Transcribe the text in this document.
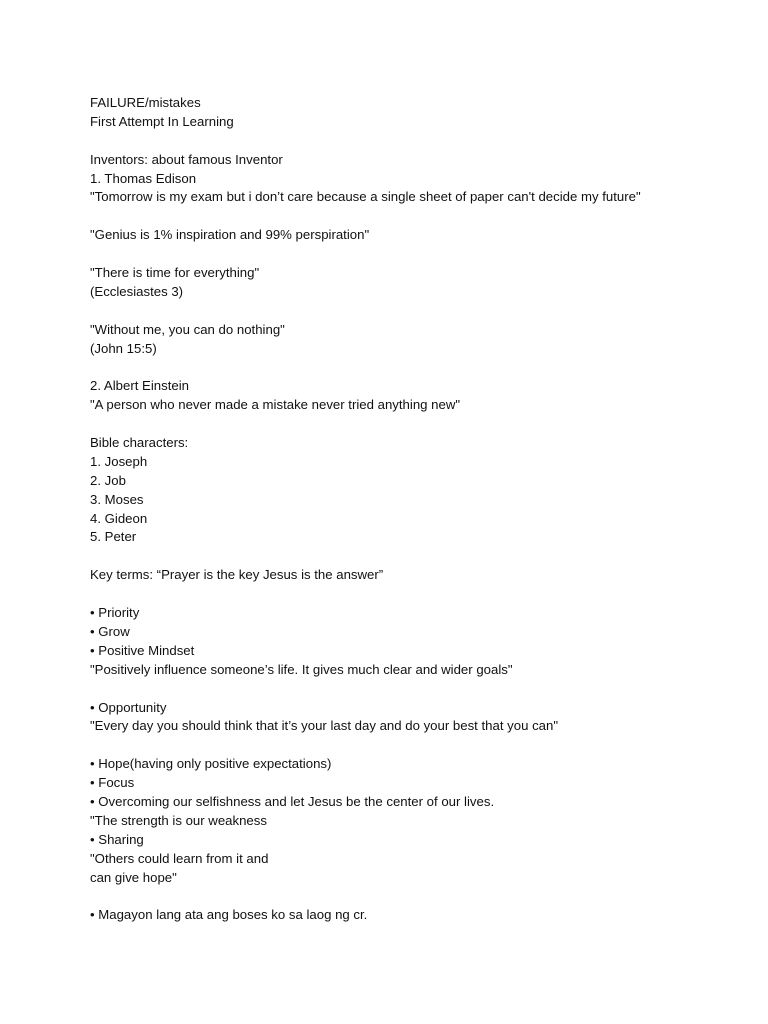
FAILURE/mistakes
First Attempt In Learning
Inventors: about famous Inventor
1. Thomas Edison
"Tomorrow is my exam but i don’t care because a single sheet of paper can't decide my future"
"Genius is 1% inspiration and 99% perspiration"
"There is time for everything"
(Ecclesiastes 3)
"Without me, you can do nothing"
(John 15:5)
2. Albert Einstein
"A person who never made a mistake never tried anything new"
Bible characters:
1. Joseph
2. Job
3. Moses
4. Gideon
5. Peter
Key terms: “Prayer is the key Jesus is the answer”
• Priority
• Grow
• Positive Mindset
"Positively influence someone’s life. It gives much clear and wider goals"
• Opportunity
"Every day you should think that it’s your last day and do your best that you can"
• Hope(having only positive expectations)
• Focus
• Overcoming our selfishness and let Jesus be the center of our lives.
"The strength is our weakness
• Sharing
"Others could learn from it and
can give hope"
• Magayon lang ata ang boses ko sa laog ng cr.
